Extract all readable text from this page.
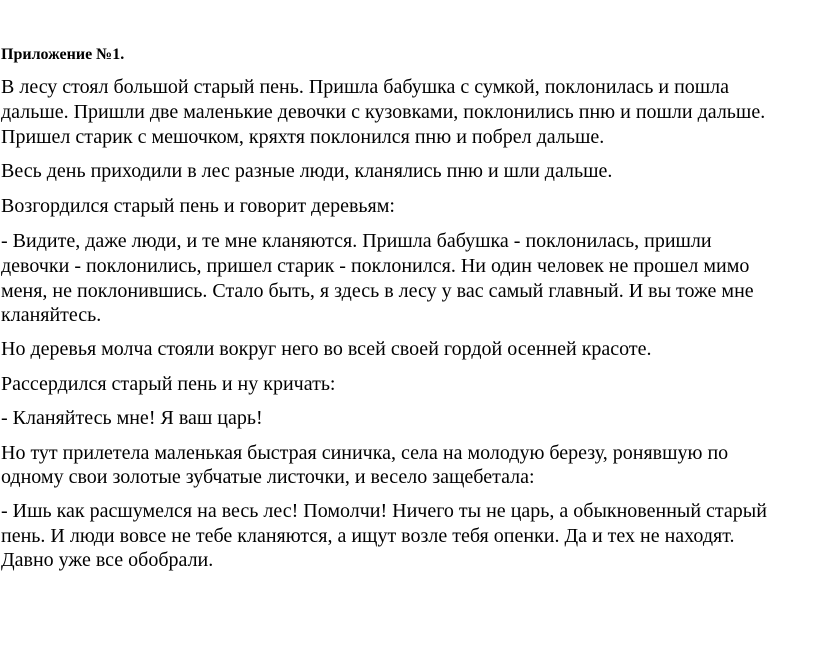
Приложение №1.

В лесу стоял большой старый пень. Пришла бабушка с сумкой, поклонилась и пошла

дальше. Пришли две маленькие девочки с кузовками, поклонились пню и пошли дальше.

Пришел старик с мешочком, кряхтя поклонился пню и побрел дальше.

Весь день приходили в лес разные люди, кланялись пню и шли дальше.

Возгордился старый пень и говорит деревьям:

- Видите, даже люди, и те мне кланяются. Пришла бабушка - поклонилась, пришли

девочки - поклонились, пришел старик - поклонился. Ни один человек не прошел мимо

меня, не поклонившись. Стало быть, я здесь в лесу у вас самый главный. И вы тоже мне

кланяйтесь.

Но деревья молча стояли вокруг него во всей своей гордой осенней красоте.

Рассердился старый пень и ну кричать:

- Кланяйтесь мне! Я ваш царь!

Но тут прилетела маленькая быстрая синичка, села на молодую березу, ронявшую по

одному свои золотые зубчатые листочки, и весело защебетала:

- Ишь как расшумелся на весь лес! Помолчи! Ничего ты не царь, а обыкновенный старый

пень. И люди вовсе не тебе кланяются, а ищут возле тебя опенки. Да и тех не находят.

Давно уже все обобрали.
